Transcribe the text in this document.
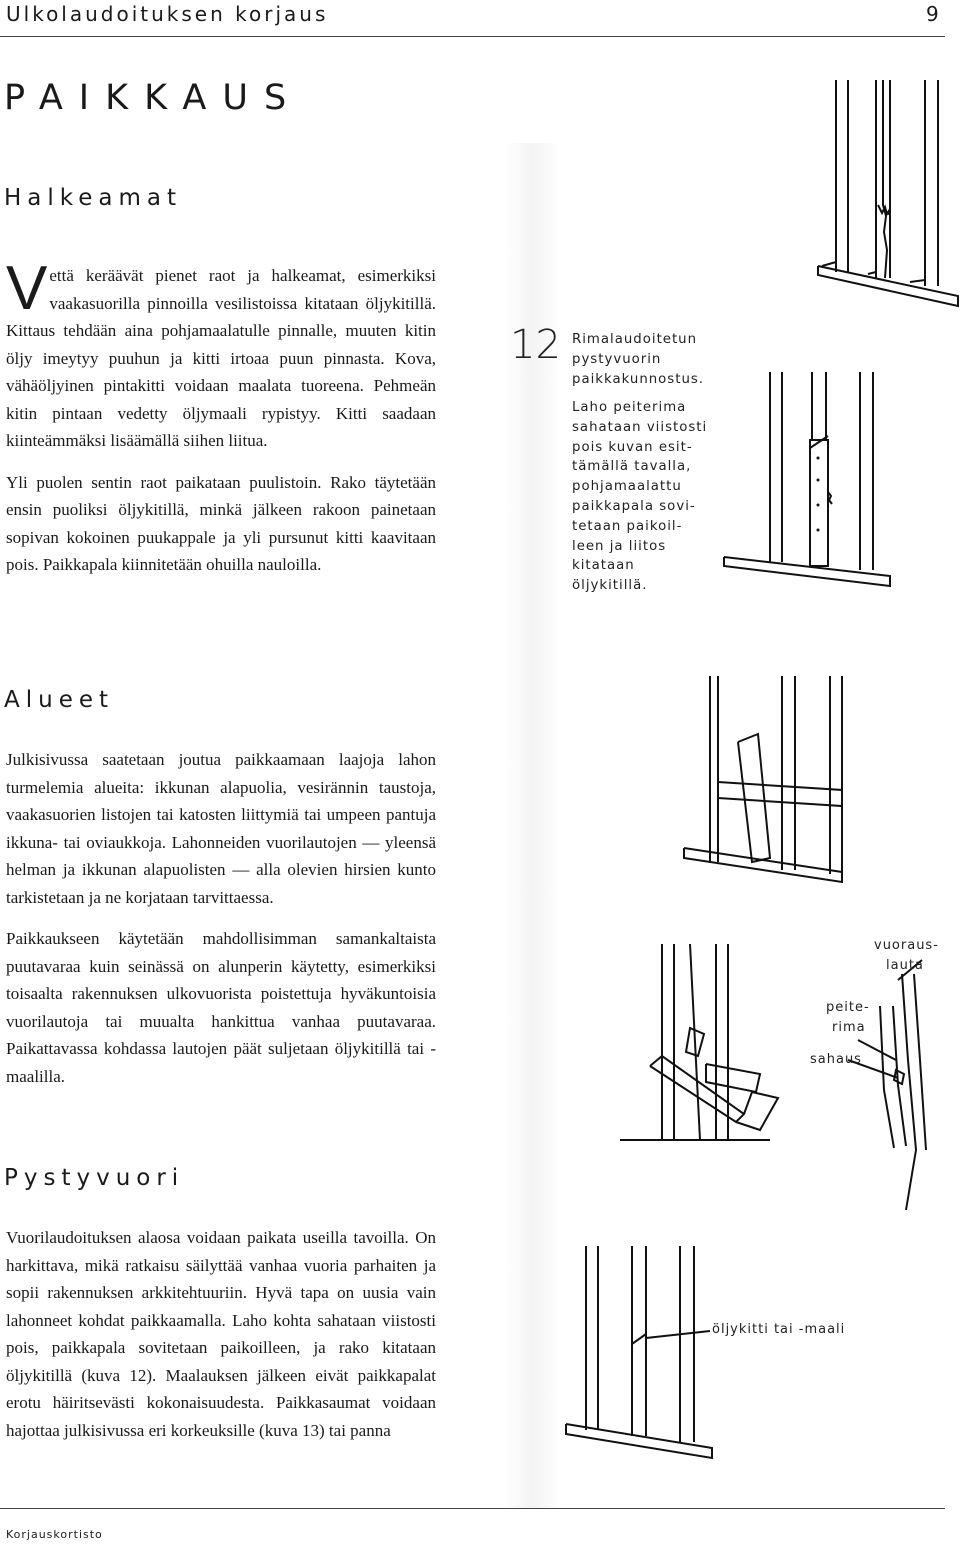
Ulkolaudoituksen korjaus	9
PAIKKAUS
Halkeamat

Vettä keräävät pienet raot ja halkeamat, esimerkiksi vaakasuorilla pinnoilla vesilistoissa kitataan öljykitillä. Kittaus tehdään aina pohjamaalatulle pinnalle, muuten kitin öljy imeytyy puuhun ja kitti irtoaa puun pinnasta. Kova, vähäöljyinen pintakitti voidaan maalata tuoreena. Pehmeän kitin pintaan vedetty öljymaali rypistyy. Kitti saadaan kiinteämmäksi lisäämällä siihen liitua.

Yli puolen sentin raot paikataan puulistoin. Rako täytetään ensin puoliksi öljykitillä, minkä jälkeen rakoon painetaan sopivan kokoinen puukappale ja yli pursunut kitti kaavitaan pois. Paikkapala kiinnitetään ohuilla nauloilla.

Alueet

Julkisivussa saatetaan joutua paikkaamaan laajoja lahon turmelemia alueita: ikkunan alapuolia, vesirännin taustoja, vaakasuorien listojen tai katosten liittymiä tai umpeen pantuja ikkuna- tai oviaukkoja. Lahonneiden vuorilautojen — yleensä helman ja ikkunan alapuolisten — alla olevien hirsien kunto tarkistetaan ja ne korjataan tarvittaessa.

Paikkaukseen käytetään mahdollisimman samankaltaista puutavaraa kuin seinässä on alunperin käytetty, esimerkiksi toisaalta rakennuksen ulkovuorista poistettuja hyväkuntoisia vuorilautoja tai muualta hankittua vanhaa puutavaraa. Paikattavassa kohdassa lautojen päät suljetaan öljykitillä tai -maalilla.

Pystyvuori

Vuorilaudoituksen alaosa voidaan paikata useilla tavoilla. On harkittava, mikä ratkaisu säilyttää vanhaa vuoria parhaiten ja sopii rakennuksen arkkitehtuuriin. Hyvä tapa on uusia vain lahonneet kohdat paikkaamalla. Laho kohta sahataan viistosti pois, paikkapala sovitetaan paikoilleen, ja rako kitataan öljykitillä (kuva 12). Maalauksen jälkeen eivät paikkapalat erotu häiritsevästi kokonaisuudesta. Paikkasaumat voidaan hajottaa julkisivussa eri korkeuksille (kuva 13) tai panna

12 Rimalaudoitetun

pystyvuorin

paikkakunnostus.

Laho peiterima

sahataan viistosti

pois kuvan esit-

tämällä tavalla,

pohjamaalattu

paikkapala sovi-

tetaan paikoil-

leen ja liitos

kitataan

öljykitillä.

vuoraus-
lauta
peite-
rima
sahaus
öljykitti tai -maali
Korjauskortisto
